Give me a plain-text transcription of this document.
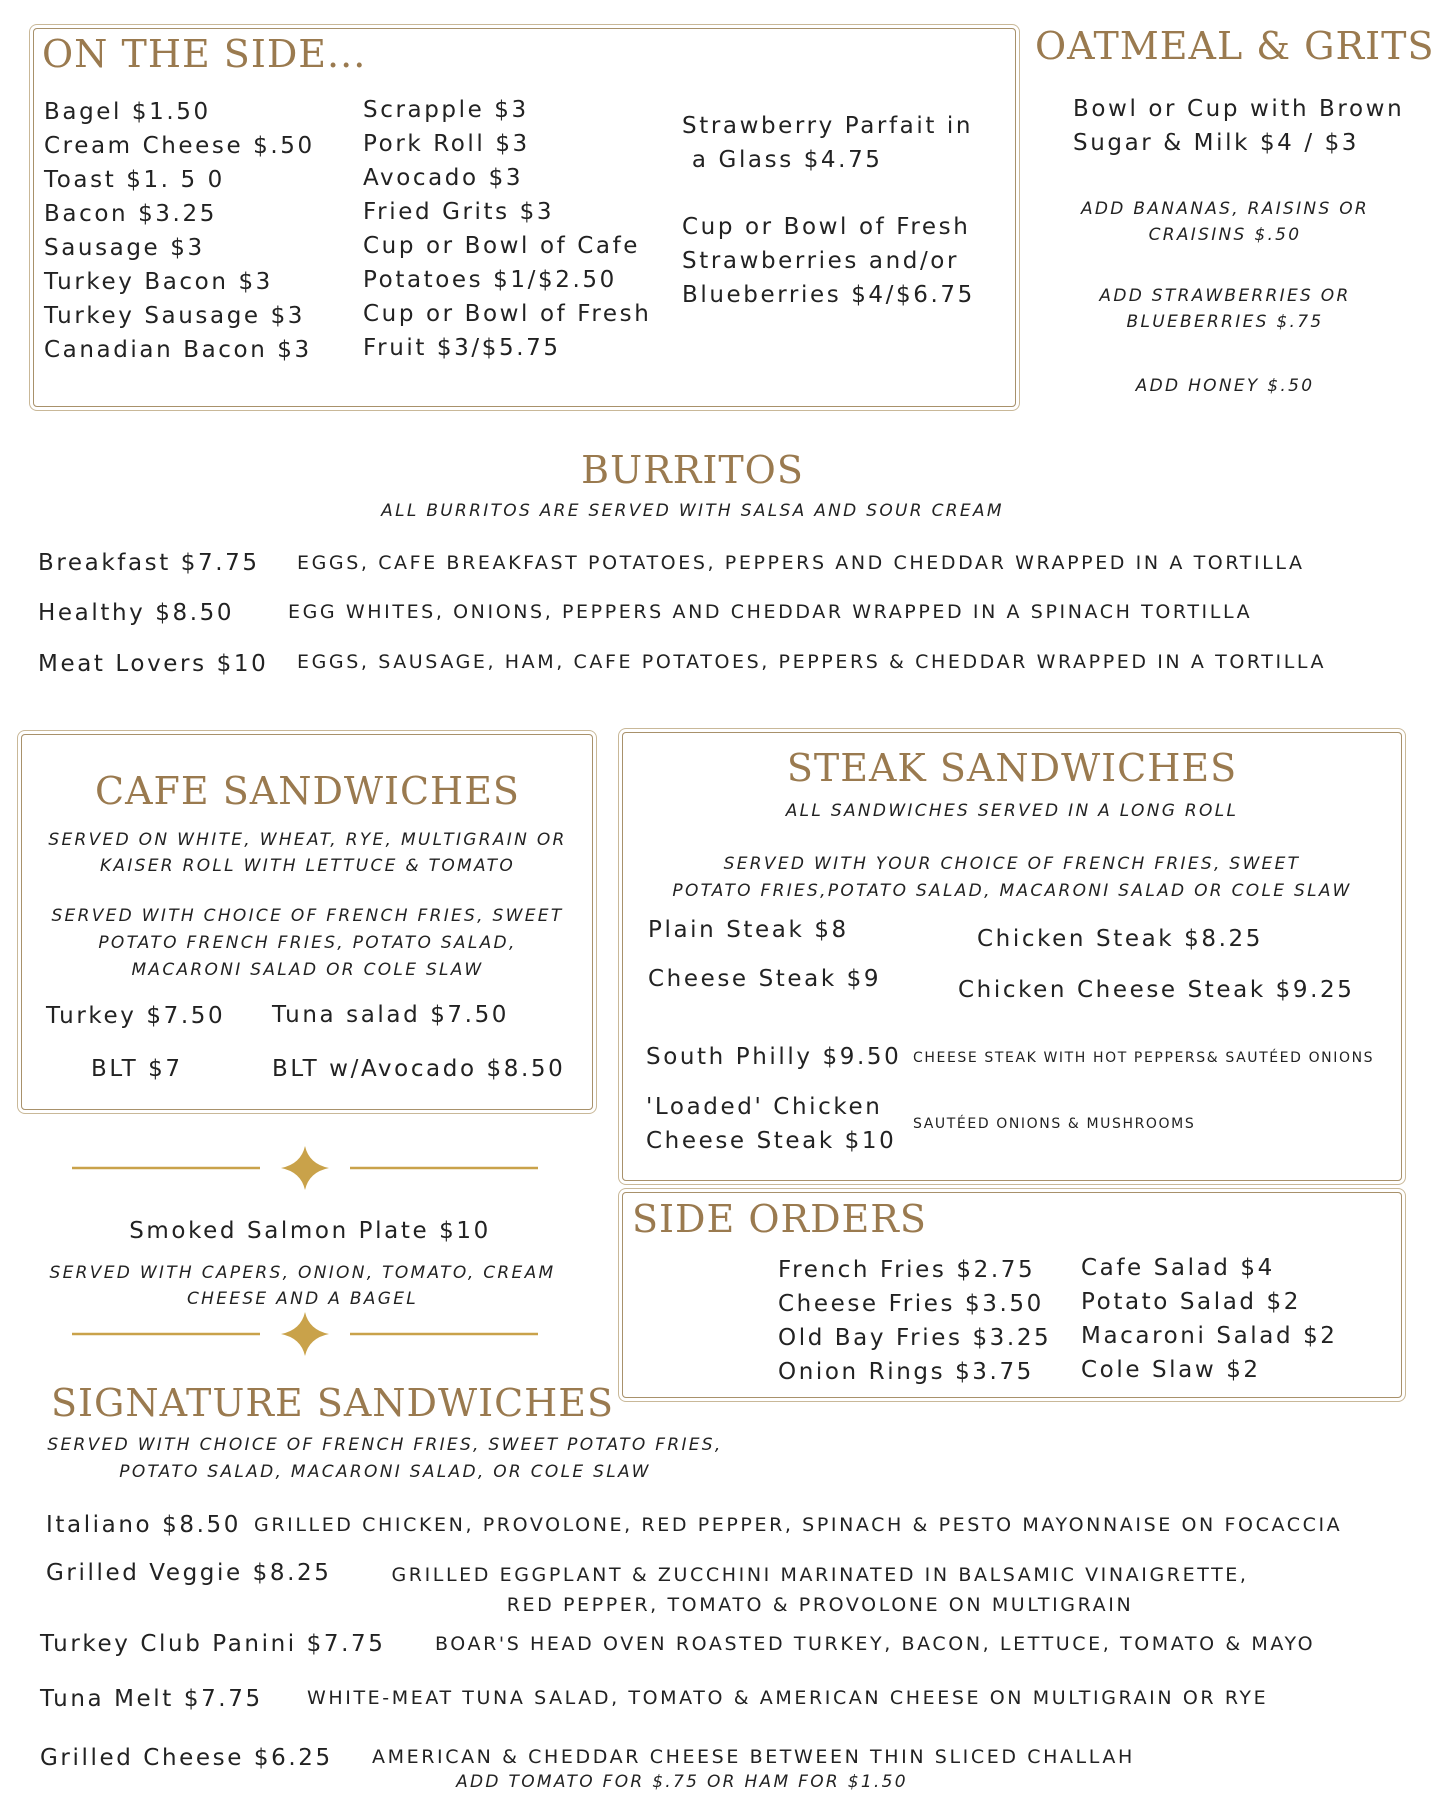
ON THE SIDE...
Bagel $1.50
Cream Cheese $.50
Toast $1. 5 0
Bacon $3.25
Sausage $3
Turkey Bacon $3
Turkey Sausage $3
Canadian Bacon $3
Scrapple $3
Pork Roll $3
Avocado $3
Fried Grits $3
Cup or Bowl of Cafe
Potatoes $1/$2.50
Cup or Bowl of Fresh
Fruit $3/$5.75
Strawberry Parfait in
a Glass $4.75
Cup or Bowl of Fresh
Strawberries and/or
Blueberries $4/$6.75
OATMEAL & GRITS
Bowl or Cup with Brown
Sugar & Milk $4 / $3
ADD BANANAS, RAISINS OR
CRAISINS $.50
ADD STRAWBERRIES OR
BLUEBERRIES $.75
ADD HONEY $.50
BURRITOS
ALL BURRITOS ARE SERVED WITH SALSA AND SOUR CREAM
Breakfast $7.75 EGGS, CAFE BREAKFAST POTATOES, PEPPERS AND CHEDDAR WRAPPED IN A TORTILLA
Healthy $8.50	EGG WHITES, ONIONS, PEPPERS AND CHEDDAR WRAPPED IN A SPINACH TORTILLA
Meat Lovers $10 EGGS, SAUSAGE, HAM, CAFE POTATOES, PEPPERS & CHEDDAR WRAPPED IN A TORTILLA
CAFE SANDWICHES
SERVED ON WHITE, WHEAT, RYE, MULTIGRAIN OR
KAISER ROLL WITH LETTUCE & TOMATO
SERVED WITH CHOICE OF FRENCH FRIES, SWEET
POTATO FRENCH FRIES, POTATO SALAD,
MACARONI SALAD OR COLE SLAW
Turkey $7.50 Tuna salad $7.50
BLT $7	BLT w/Avocado $8.50
STEAK SANDWICHES
ALL SANDWICHES SERVED IN A LONG ROLL
SERVED WITH YOUR CHOICE OF FRENCH FRIES, SWEET
POTATO FRIES,POTATO SALAD, MACARONI SALAD OR COLE SLAW
Plain Steak $8	Chicken Steak $8.25
Cheese Steak $9	Chicken Cheese Steak $9.25
South Philly $9.50 CHEESE STEAK WITH HOT PEPPERS& SAUTÉED ONIONS
'Loaded' Chicken
Cheese Steak $10
SAUTÉED ONIONS & MUSHROOMS
Smoked Salmon Plate $10
SERVED WITH CAPERS, ONION, TOMATO, CREAM
CHEESE AND A BAGEL
SIDE ORDERS
French Fries $2.75
Cheese Fries $3.50
Old Bay Fries $3.25
Onion Rings $3.75
Cafe Salad $4
Potato Salad $2
Macaroni Salad $2
Cole Slaw $2
SIGNATURE SANDWICHES
SERVED WITH CHOICE OF FRENCH FRIES, SWEET POTATO FRIES,
POTATO SALAD, MACARONI SALAD, OR COLE SLAW
Italiano $8.50 GRILLED CHICKEN, PROVOLONE, RED PEPPER, SPINACH & PESTO MAYONNAISE ON FOCACCIA
Grilled Veggie $8.25	GRILLED EGGPLANT & ZUCCHINI MARINATED IN BALSAMIC VINAIGRETTE,
RED PEPPER, TOMATO & PROVOLONE ON MULTIGRAIN
Turkey Club Panini $7.75	BOAR'S HEAD OVEN ROASTED TURKEY, BACON, LETTUCE, TOMATO & MAYO
Tuna Melt $7.75 WHITE-MEAT TUNA SALAD, TOMATO & AMERICAN CHEESE ON MULTIGRAIN OR RYE
Grilled Cheese $6.25 AMERICAN & CHEDDAR CHEESE BETWEEN THIN SLICED CHALLAH
ADD TOMATO FOR $.75 OR HAM FOR $1.50
